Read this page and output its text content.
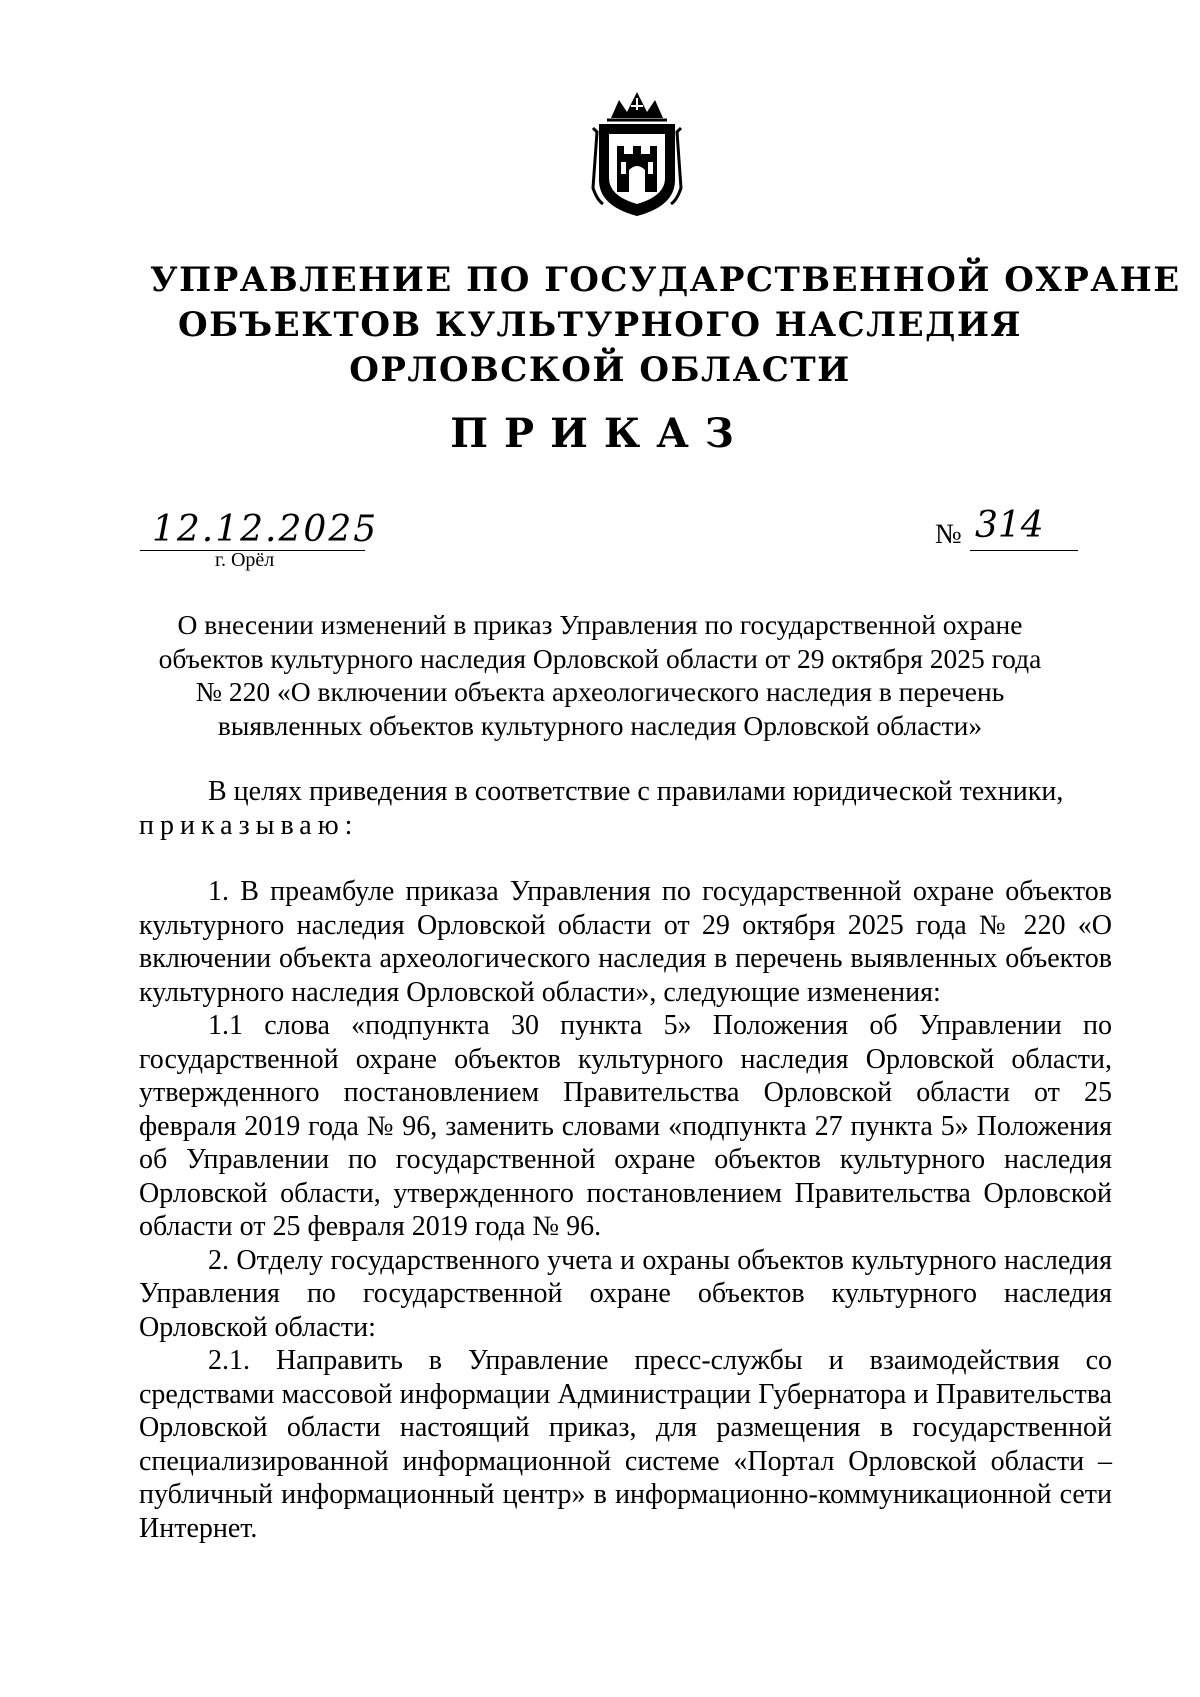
УПРАВЛЕНИЕ ПО ГОСУДАРСТВЕННОЙ ОХРАНЕ
ОБЪЕКТОВ КУЛЬТУРНОГО НАСЛЕДИЯ
ОРЛОВСКОЙ ОБЛАСТИ
ПРИКАЗ
12.12.2025
г. Орёл
№ 314
О внесении изменений в приказ Управления по государственной охране
объектов культурного наследия Орловской области от 29 октября 2025 года
№ 220 «О включении объекта археологического наследия в перечень
выявленных объектов культурного наследия Орловской области»

В целях приведения в соответствие с правилами юридической техники,
приказываю:

1. В преамбуле приказа Управления по государственной охране объектов культурного наследия Орловской области от 29 октября 2025 года № 220 «О включении объекта археологического наследия в перечень выявленных объектов культурного наследия Орловской области», следующие изменения:

1.1 слова «подпункта 30 пункта 5» Положения об Управлении по государственной охране объектов культурного наследия Орловской области, утвержденного постановлением Правительства Орловской области от 25 февраля 2019 года № 96, заменить словами «подпункта 27 пункта 5» Положения об Управлении по государственной охране объектов культурного наследия Орловской области, утвержденного постановлением Правительства Орловской области от 25 февраля 2019 года № 96.

2. Отделу государственного учета и охраны объектов культурного наследия Управления по государственной охране объектов культурного наследия Орловской области:

2.1. Направить в Управление пресс-службы и взаимодействия со средствами массовой информации Администрации Губернатора и Правительства Орловской области настоящий приказ, для размещения в государственной специализированной информационной системе «Портал Орловской области – публичный информационный центр» в информационно-коммуникационной сети Интернет.
